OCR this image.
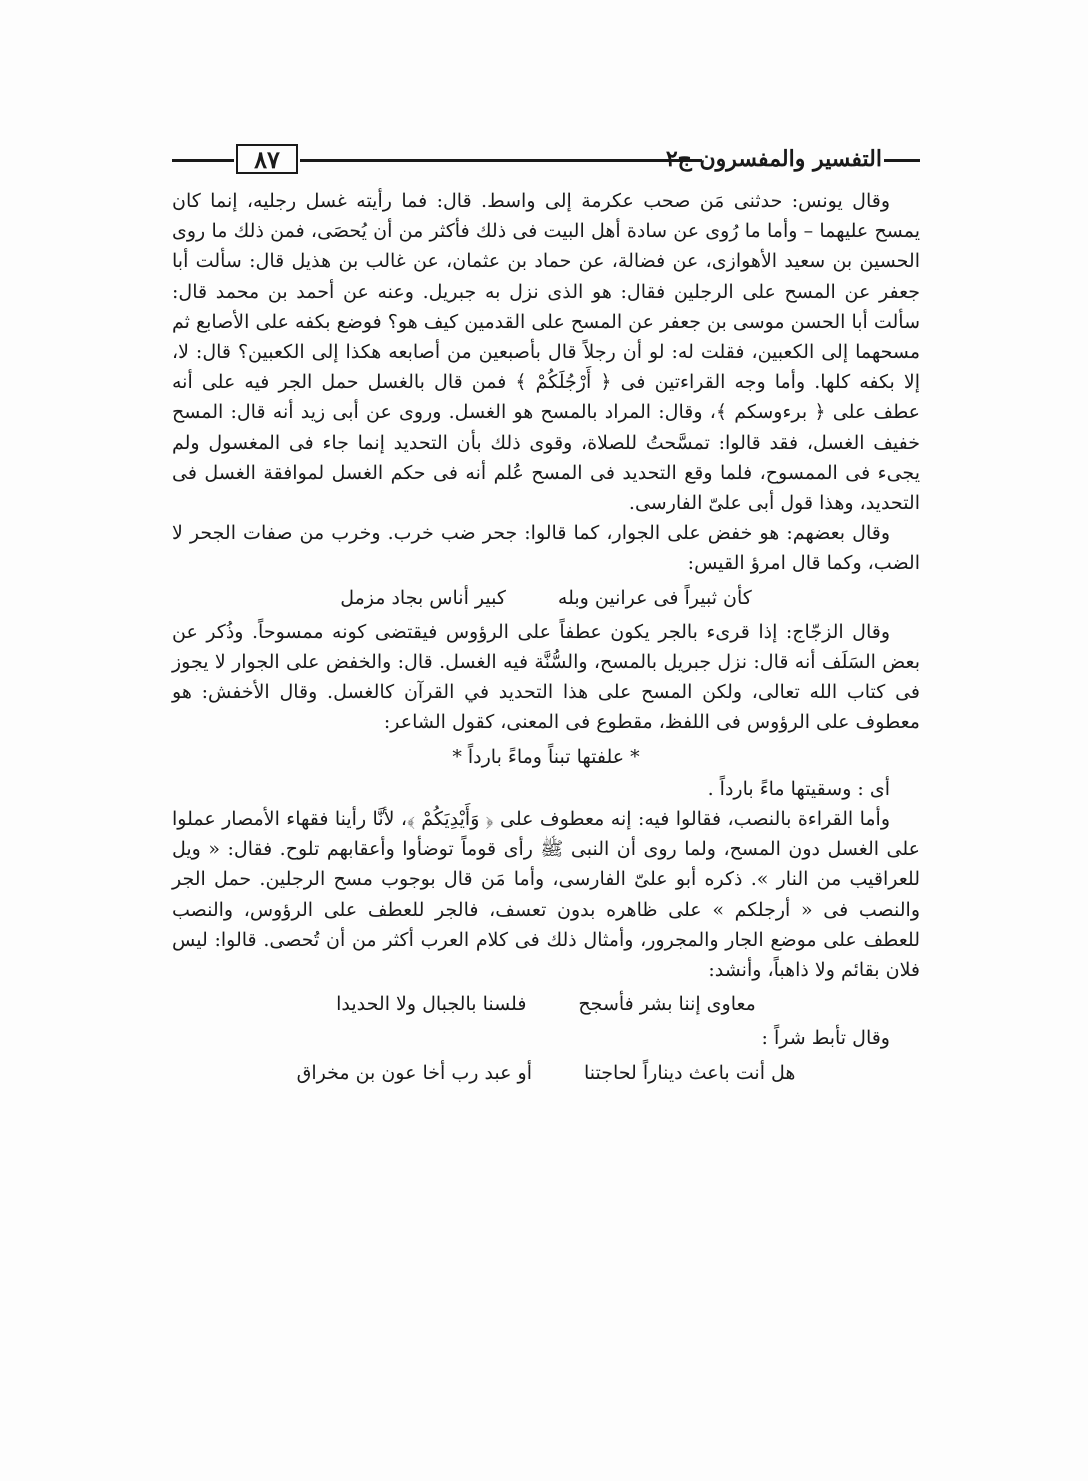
٨٧	التفسير والمفسرون ج٢

وقال يونس: حدثنى مَن صحب عكرمة إلى واسط. قال: فما رأيته غسل رجليه، إنما كان يمسح عليهما – وأما ما رُوى عن سادة أهل البيت فى ذلك فأكثر من أن يُحصَى، فمن ذلك ما روى الحسين بن سعيد الأهوازى، عن فضالة، عن حماد بن عثمان، عن غالب بن هذيل قال: سألت أبا جعفر عن المسح على الرجلين فقال: هو الذى نزل به جبريل. وعنه عن أحمد بن محمد قال: سألت أبا الحسن موسى بن جعفر عن المسح على القدمين كيف هو؟ فوضع بكفه على الأصابع ثم مسحهما إلى الكعبين، فقلت له: لو أن رجلاً قال بأصبعين من أصابعه هكذا إلى الكعبين؟ قال: لا، إلا بكفه كلها. وأما وجه القراءتين فى ﴿ أَرْجُلَكُمْ ﴾ فمن قال بالغسل حمل الجر فيه على أنه عطف على ﴿ برءوسكم ﴾، وقال: المراد بالمسح هو الغسل. وروى عن أبى زيد أنه قال: المسح خفيف الغسل، فقد قالوا: تمسَّحتُ للصلاة، وقوى ذلك بأن التحديد إنما جاء فى المغسول ولم يجىء فى الممسوح، فلما وقع التحديد فى المسح عُلم أنه فى حكم الغسل لموافقة الغسل فى التحديد، وهذا قول أبى علىّ الفارسى.

وقال بعضهم: هو خفض على الجوار، كما قالوا: جحر ضب خرب. وخرب من صفات الجحر لا الضب، وكما قال امرؤ القيس:

كأن ثبيراً فى عرانين وبله
كبير أناس بجاد مزمل

وقال الزجّاج: إذا قرىء بالجر يكون عطفاً على الرؤوس فيقتضى كونه ممسوحاً. وذُكر عن بعض السَلَف أنه قال: نزل جبريل بالمسح، والسُّنَّة فيه الغسل. قال: والخفض على الجوار لا يجوز فى كتاب الله تعالى، ولكن المسح على هذا التحديد في القرآن كالغسل. وقال الأخفش: هو معطوف على الرؤوس فى اللفظ، مقطوع فى المعنى، كقول الشاعر:

* علفتها تبناً وماءً بارداً *

أى : وسقيتها ماءً بارداً .

وأما القراءة بالنصب، فقالوا فيه: إنه معطوف على ﴿ وَأَيْدِيَكُمْ ﴾، لأنَّا رأينا فقهاء الأمصار عملوا على الغسل دون المسح، ولما روى أن النبى ﷺ رأى قوماً توضأوا وأعقابهم تلوح. فقال: « ويل للعراقيب من النار ». ذكره أبو علىّ الفارسى، وأما مَن قال بوجوب مسح الرجلين. حمل الجر والنصب فى « أرجلكم » على ظاهره بدون تعسف، فالجر للعطف على الرؤوس، والنصب للعطف على موضع الجار والمجرور، وأمثال ذلك فى كلام العرب أكثر من أن تُحصى. قالوا: ليس فلان بقائم ولا ذاهباً، وأنشد:

معاوى إننا بشر فأسجح
فلسنا بالجبال ولا الحديدا

وقال تأبط شراً :

هل أنت باعث ديناراً لحاجتنا
أو عبد رب أخا عون بن مخراق
